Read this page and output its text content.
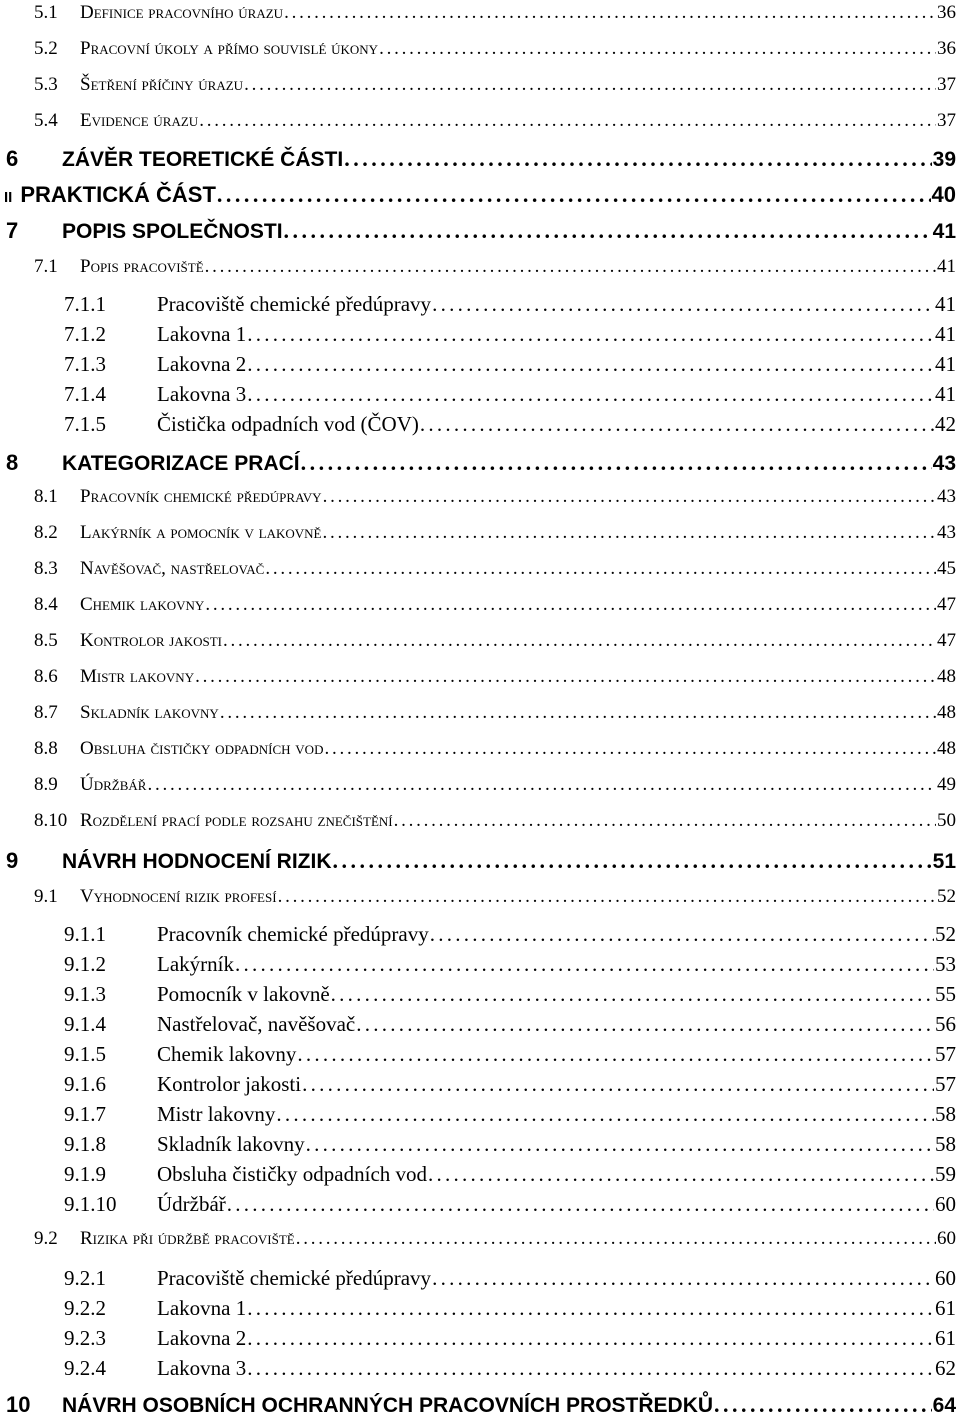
5.1	Definice pracovního úrazu . . .	36
5.2	Pracovní úkoly a přímo souvislé úkony . . .	36
5.3	Šetření příčiny úrazu . . .	37
5.4	Evidence úrazu . . .	37
6	ZÁVĚR TEORETICKÉ ČÁSTI . . .	39
II PRAKTICKÁ ČÁST . . .	40
7	POPIS SPOLEČNOSTI . . .	41
7.1	Popis pracoviště . . .	41
7.1.1	Pracoviště chemické předúpravy . . .	41
7.1.2	Lakovna 1 . . .	41
7.1.3	Lakovna 2 . . .	41
7.1.4	Lakovna 3 . . .	41
7.1.5	Čistička odpadních vod (ČOV) . . .	42
8	KATEGORIZACE PRACÍ . . .	43
8.1	Pracovník chemické předúpravy . . .	43
8.2	Lakýrník a pomocník v lakovně . . .	43
8.3	Navěšovač, nastřelovač . . .	45
8.4	Chemik lakovny . . .	47
8.5	Kontrolor jakosti . . .	47
8.6	Mistr lakovny . . .	48
8.7	Skladník lakovny . . .	48
8.8	Obsluha čističky odpadních vod . . .	48
8.9	Údržbář . . .	49
8.10 Rozdělení prací podle rozsahu znečištění . . .	50
9	NÁVRH HODNOCENÍ RIZIK . . .	51
9.1	Vyhodnocení rizik profesí . . .	52
9.1.1	Pracovník chemické předúpravy . . .	52
9.1.2	Lakýrník . . .	53
9.1.3	Pomocník v lakovně . . .	55
9.1.4	Nastřelovač, navěšovač . . .	56
9.1.5	Chemik lakovny . . .	57
9.1.6	Kontrolor jakosti . . .	57
9.1.7	Mistr lakovny . . .	58
9.1.8	Skladník lakovny . . .	58
9.1.9	Obsluha čističky odpadních vod . . .	59
9.1.10	Údržbář . . .	60
9.2	Rizika při údržbě pracoviště . . .	60
9.2.1	Pracoviště chemické předúpravy . . .	60
9.2.2	Lakovna 1 . . .	61
9.2.3	Lakovna 2 . . .	61
9.2.4	Lakovna 3 . . .	62
10	NÁVRH OSOBNÍCH OCHRANNÝCH PRACOVNÍCH PROSTŘEDKŮ . . .	64
